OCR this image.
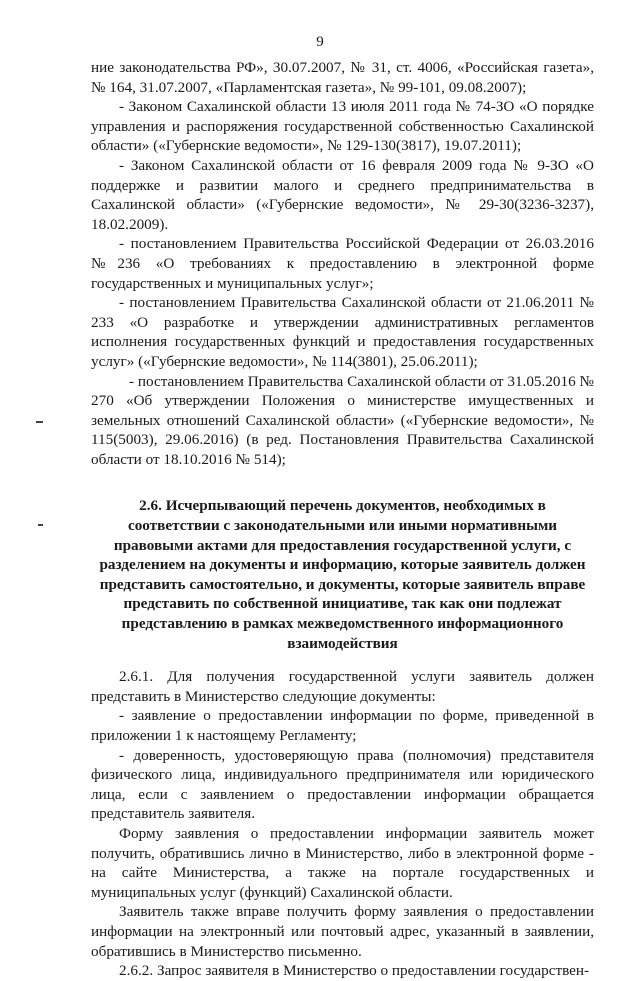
9

ние законодательства РФ», 30.07.2007, № 31, ст. 4006, «Российская газета», № 164, 31.07.2007, «Парламентская газета», № 99-101, 09.08.2007);

- Законом Сахалинской области 13 июля 2011 года № 74-ЗО «О порядке управления и распоряжения государственной собственностью Сахалинской области» («Губернские ведомости», № 129-130(3817), 19.07.2011);

- Законом Сахалинской области от 16 февраля 2009 года № 9-ЗО «О поддержке и развитии малого и среднего предпринимательства в Сахалинской области» («Губернские ведомости», № 29-30(3236-3237), 18.02.2009).

- постановлением Правительства Российской Федерации от 26.03.2016 №236 «О требованиях к предоставлению в электронной форме государственных и муниципальных услуг»;

- постановлением Правительства Сахалинской области от 21.06.2011 № 233 «О разработке и утверждении административных регламентов исполнения государственных функций и предоставления государственных услуг» («Губернские ведомости», № 114(3801), 25.06.2011);

- постановлением Правительства Сахалинской области от 31.05.2016 № 270 «Об утверждении Положения о министерстве имущественных и земельных отношений Сахалинской области» («Губернские ведомости», № 115(5003), 29.06.2016) (в ред. Постановления Правительства Сахалинской области от 18.10.2016 № 514);

2.6. Исчерпывающий перечень документов, необходимых в соответствии с законодательными или иными нормативными правовыми актами для предоставления государственной услуги, с разделением на документы и информацию, которые заявитель должен представить самостоятельно, и документы, которые заявитель вправе представить по собственной инициативе, так как они подлежат представлению в рамках межведомственного информационного взаимодействия

2.6.1. Для получения государственной услуги заявитель должен представить в Министерство следующие документы:

- заявление о предоставлении информации по форме, приведенной в приложении 1 к настоящему Регламенту;

- доверенность, удостоверяющую права (полномочия) представителя физического лица, индивидуального предпринимателя или юридического лица, если с заявлением о предоставлении информации обращается представитель заявителя.

Форму заявления о предоставлении информации заявитель может получить, обратившись лично в Министерство, либо в электронной форме - на сайте Министерства, а также на портале государственных и муниципальных услуг (функций) Сахалинской области.

Заявитель также вправе получить форму заявления о предоставлении информации на электронный или почтовый адрес, указанный в заявлении, обратившись в Министерство письменно.

2.6.2. Запрос заявителя в Министерство о предоставлении государствен-
